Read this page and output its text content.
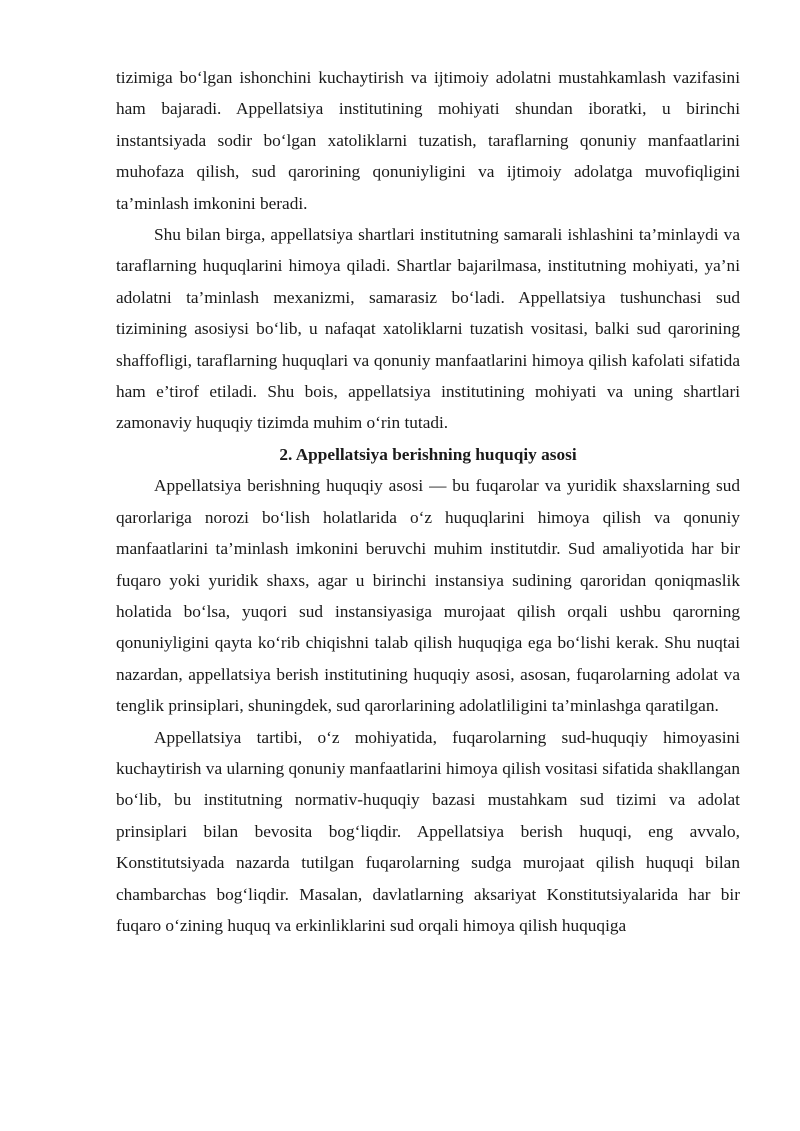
tizimiga bo‘lgan ishonchini kuchaytirish va ijtimoiy adolatni mustahkamlash vazifasini ham bajaradi. Appellatsiya institutining mohiyati shundan iboratki, u birinchi instantsiyada sodir bo‘lgan xatoliklarni tuzatish, taraflarning qonuniy manfaatlarini muhofaza qilish, sud qarorining qonuniyligini va ijtimoiy adolatga muvofiqligini ta’minlash imkonini beradi.

Shu bilan birga, appellatsiya shartlari institutning samarali ishlashini ta’minlaydi va taraflarning huquqlarini himoya qiladi. Shartlar bajarilmasa, institutning mohiyati, ya’ni adolatni ta’minlash mexanizmi, samarasiz bo‘ladi. Appellatsiya tushunchasi sud tizimining asosiysi bo‘lib, u nafaqat xatoliklarni tuzatish vositasi, balki sud qarorining shaffofligi, taraflarning huquqlari va qonuniy manfaatlarini himoya qilish kafolati sifatida ham e’tirof etiladi. Shu bois, appellatsiya institutining mohiyati va uning shartlari zamonaviy huquqiy tizimda muhim o‘rin tutadi.

2. Appellatsiya berishning huquqiy asosi

Appellatsiya berishning huquqiy asosi — bu fuqarolar va yuridik shaxslarning sud qarorlariga norozi bo‘lish holatlarida o‘z huquqlarini himoya qilish va qonuniy manfaatlarini ta’minlash imkonini beruvchi muhim institutdir. Sud amaliyotida har bir fuqaro yoki yuridik shaxs, agar u birinchi instansiya sudining qaroridan qoniqmaslik holatida bo‘lsa, yuqori sud instansiyasiga murojaat qilish orqali ushbu qarorning qonuniyligini qayta ko‘rib chiqishni talab qilish huquqiga ega bo‘lishi kerak. Shu nuqtai nazardan, appellatsiya berish institutining huquqiy asosi, asosan, fuqarolarning adolat va tenglik prinsiplari, shuningdek, sud qarorlarining adolatliligini ta’minlashga qaratilgan.

Appellatsiya tartibi, o‘z mohiyatida, fuqarolarning sud-huquqiy himoyasini kuchaytirish va ularning qonuniy manfaatlarini himoya qilish vositasi sifatida shakllangan bo‘lib, bu institutning normativ-huquqiy bazasi mustahkam sud tizimi va adolat prinsiplari bilan bevosita bog‘liqdir. Appellatsiya berish huquqi, eng avvalo, Konstitutsiyada nazarda tutilgan fuqarolarning sudga murojaat qilish huquqi bilan chambarchas bog‘liqdir. Masalan, davlatlarning aksariyat Konstitutsiyalarida har bir fuqaro o‘zining huquq va erkinliklarini sud orqali himoya qilish huquqiga
